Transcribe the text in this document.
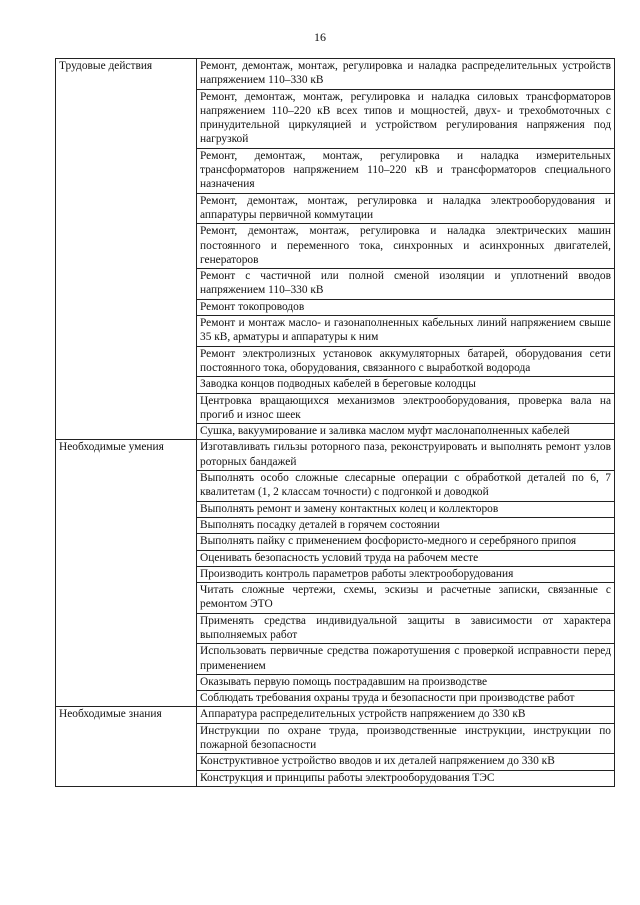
16
Трудовые действия	Ремонт, демонтаж, монтаж, регулировка и наладка распределительных устройств напряжением 110–330 кВ
	Ремонт, демонтаж, монтаж, регулировка и наладка силовых трансформаторов напряжением 110–220 кВ всех типов и мощностей, двух- и трехобмоточных с принудительной циркуляцией и устройством регулирования напряжения под нагрузкой
	Ремонт, демонтаж, монтаж, регулировка и наладка измерительных трансформаторов напряжением 110–220 кВ и трансформаторов специального назначения
	Ремонт, демонтаж, монтаж, регулировка и наладка электрооборудования и аппаратуры первичной коммутации
	Ремонт, демонтаж, монтаж, регулировка и наладка электрических машин постоянного и переменного тока, синхронных и асинхронных двигателей, генераторов
	Ремонт с частичной или полной сменой изоляции и уплотнений вводов напряжением 110–330 кВ
	Ремонт токопроводов
	Ремонт и монтаж масло- и газонаполненных кабельных линий напряжением свыше 35 кВ, арматуры и аппаратуры к ним
	Ремонт электролизных установок аккумуляторных батарей, оборудования сети постоянного тока, оборудования, связанного с выработкой водорода
	Заводка концов подводных кабелей в береговые колодцы
	Центровка вращающихся механизмов электрооборудования, проверка вала на прогиб и износ шеек
	Сушка, вакуумирование и заливка маслом муфт маслонаполненных кабелей
Необходимые умения	Изготавливать гильзы роторного паза, реконструировать и выполнять ремонт узлов роторных бандажей
	Выполнять особо сложные слесарные операции с обработкой деталей по 6, 7 квалитетам (1, 2 классам точности) с подгонкой и доводкой
	Выполнять ремонт и замену контактных колец и коллекторов
	Выполнять посадку деталей в горячем состоянии
	Выполнять пайку с применением фосфористо-медного и серебряного припоя
	Оценивать безопасность условий труда на рабочем месте
	Производить контроль параметров работы электрооборудования
	Читать сложные чертежи, схемы, эскизы и расчетные записки, связанные с ремонтом ЭТО
	Применять средства индивидуальной защиты в зависимости от характера выполняемых работ
	Использовать первичные средства пожаротушения с проверкой исправности перед применением
	Оказывать первую помощь пострадавшим на производстве
	Соблюдать требования охраны труда и безопасности при производстве работ
Необходимые знания	Аппаратура распределительных устройств напряжением до 330 кВ
	Инструкции по охране труда, производственные инструкции, инструкции по пожарной безопасности
	Конструктивное устройство вводов и их деталей напряжением до 330 кВ
	Конструкция и принципы работы электрооборудования ТЭС
